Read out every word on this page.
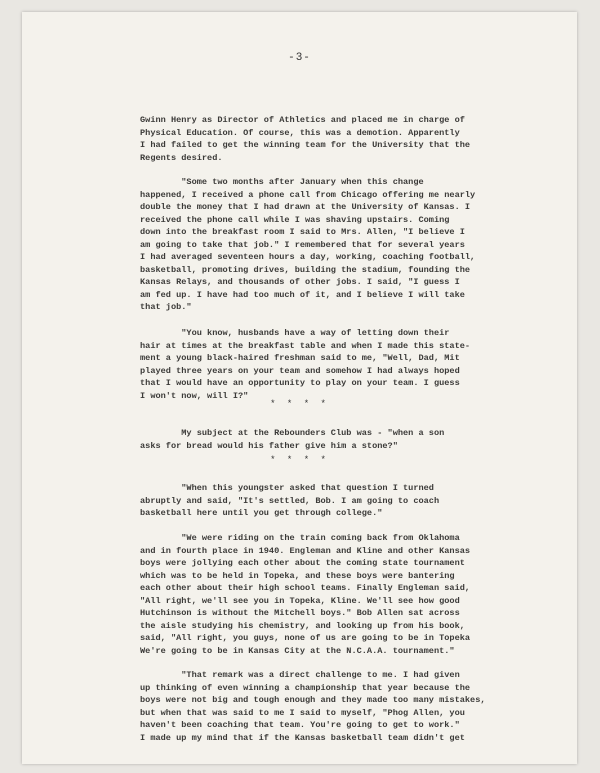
-3-
Gwinn Henry as Director of Athletics and placed me in charge of
Physical Education. Of course, this was a demotion. Apparently
I had failed to get the winning team for the University that the
Regents desired.
"Some two months after January when this change
happened, I received a phone call from Chicago offering me nearly
double the money that I had drawn at the University of Kansas. I
received the phone call while I was shaving upstairs. Coming
down into the breakfast room I said to Mrs. Allen, "I believe I
am going to take that job." I remembered that for several years
I had averaged seventeen hours a day, working, coaching football,
basketball, promoting drives, building the stadium, founding the
Kansas Relays, and thousands of other jobs. I said, "I guess I
am fed up. I have had too much of it, and I believe I will take
that job."
"You know, husbands have a way of letting down their
hair at times at the breakfast table and when I made this state-
ment a young black-haired freshman said to me, "Well, Dad, Mit
played three years on your team and somehow I had always hoped
that I would have an opportunity to play on your team. I guess
I won't now, will I?"
My subject at the Rebounders Club was - "when a son
asks for bread would his father give him a stone?"
"When this youngster asked that question I turned
abruptly and said, "It's settled, Bob. I am going to coach
basketball here until you get through college."
"We were riding on the train coming back from Oklahoma
and in fourth place in 1940. Engleman and Kline and other Kansas
boys were jollying each other about the coming state tournament
which was to be held in Topeka, and these boys were bantering
each other about their high school teams. Finally Engleman said,
"All right, we'll see you in Topeka, Kline. We'll see how good
Hutchinson is without the Mitchell boys." Bob Allen sat across
the aisle studying his chemistry, and looking up from his book,
said, "All right, you guys, none of us are going to be in Topeka
We're going to be in Kansas City at the N.C.A.A. tournament."
"That remark was a direct challenge to me. I had given
up thinking of even winning a championship that year because the
boys were not big and tough enough and they made too many mistakes,
but when that was said to me I said to myself, "Phog Allen, you
haven't been coaching that team. You're going to get to work."
I made up my mind that if the Kansas basketball team didn't get
* * * *
* * * *
